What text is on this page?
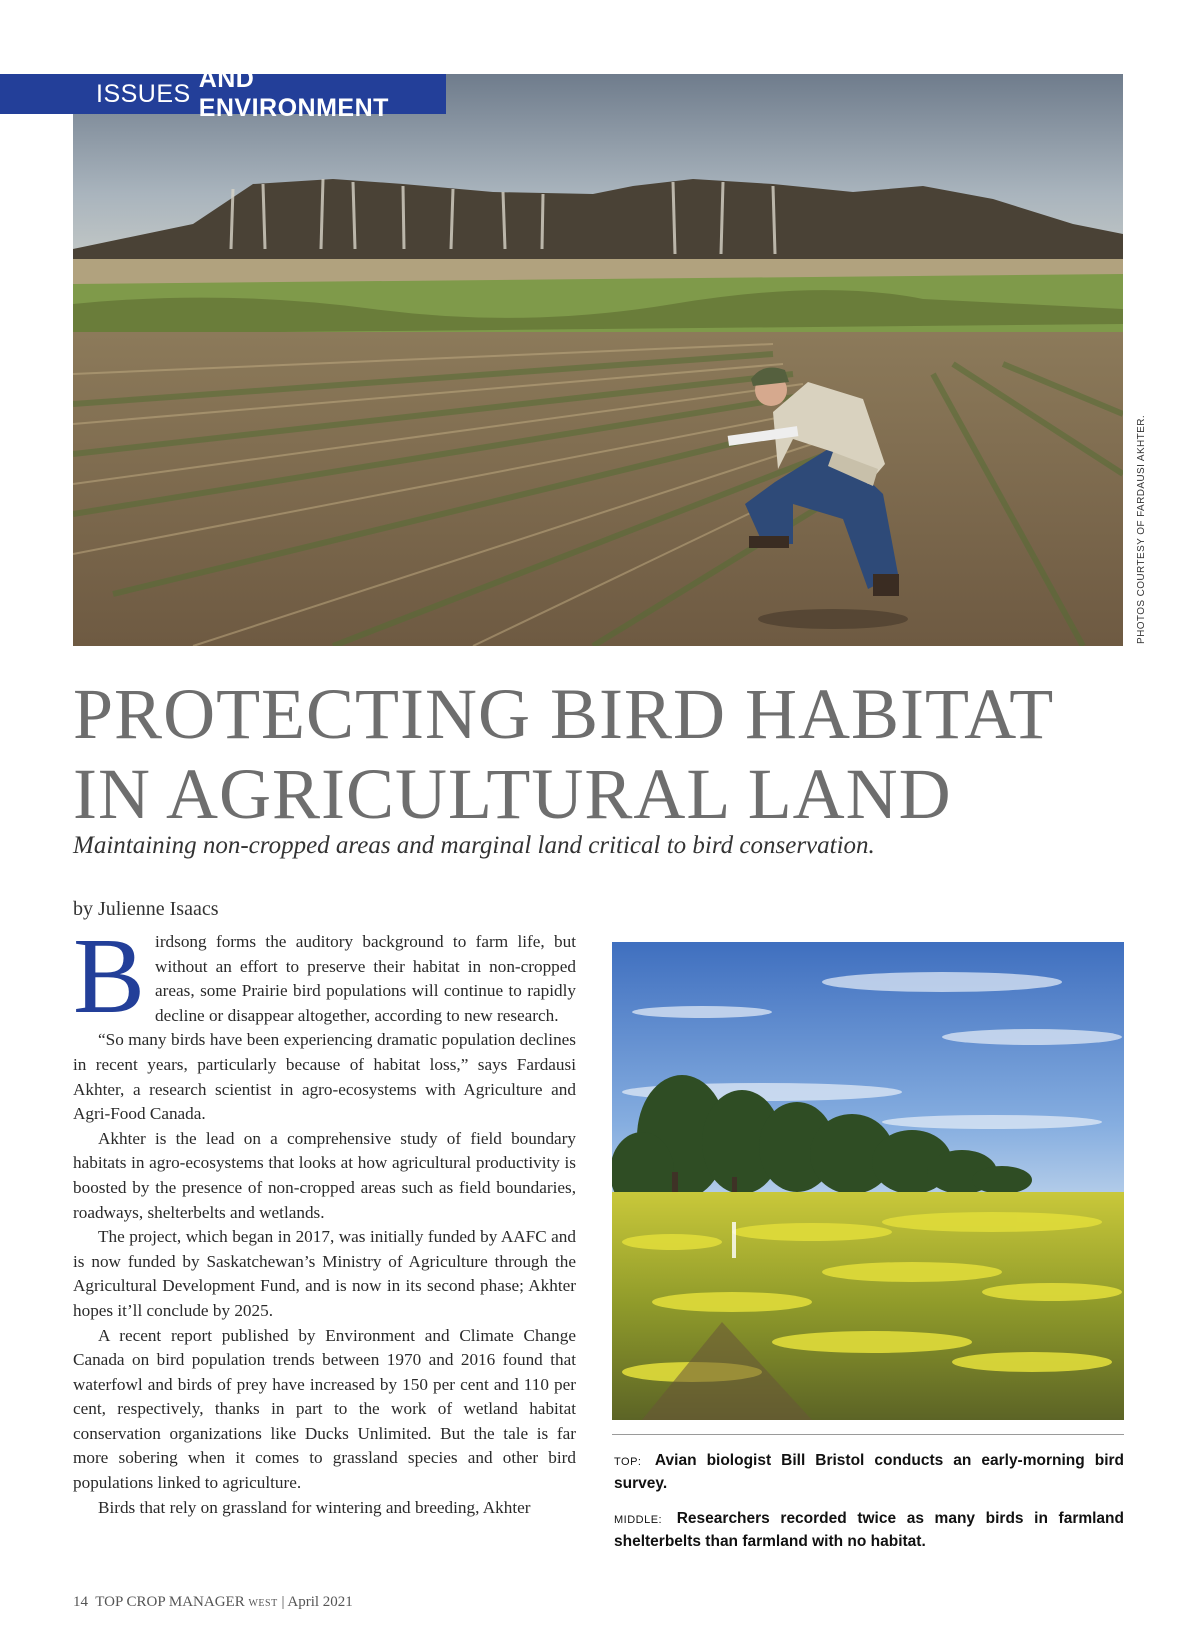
ISSUES
AND ENVIRONMENT
PHOTOS COURTESY OF FARDAUSI AKHTER.
PROTECTING BIRD HABITAT
IN AGRICULTURAL LAND

Maintaining non-cropped areas and marginal land critical to bird conservation.

by Julienne Isaacs

Birdsong forms the auditory background to farm life, but without an effort to preserve their habitat in non-cropped areas, some Prairie bird populations will continue to rapidly decline or disappear altogether, according to new research.

“So many birds have been experiencing dramatic population declines in recent years, particularly because of habitat loss,” says Fardausi Akhter, a research scientist in agro-ecosystems with Agriculture and Agri-Food Canada.

Akhter is the lead on a comprehensive study of field boundary habitats in agro-ecosystems that looks at how agricultural productivity is boosted by the presence of non-cropped areas such as field boundaries, roadways, shelterbelts and wetlands.

The project, which began in 2017, was initially funded by AAFC and is now funded by Saskatchewan’s Ministry of Agriculture through the Agricultural Development Fund, and is now in its second phase; Akhter hopes it’ll conclude by 2025.

A recent report published by Environment and Climate Change Canada on bird population trends between 1970 and 2016 found that waterfowl and birds of prey have increased by 150 per cent and 110 per cent, respectively, thanks in part to the work of wetland habitat conservation organizations like Ducks Unlimited. But the tale is far more sobering when it comes to grassland species and other bird populations linked to agriculture.

Birds that rely on grassland for wintering and breeding, Akhter

TOP: Avian biologist Bill Bristol conducts an early-morning bird survey.
MIDDLE: Researchers recorded twice as many birds in farmland shelterbelts than farmland with no habitat.
14 TOP CROP MANAGER WEST | April 2021
